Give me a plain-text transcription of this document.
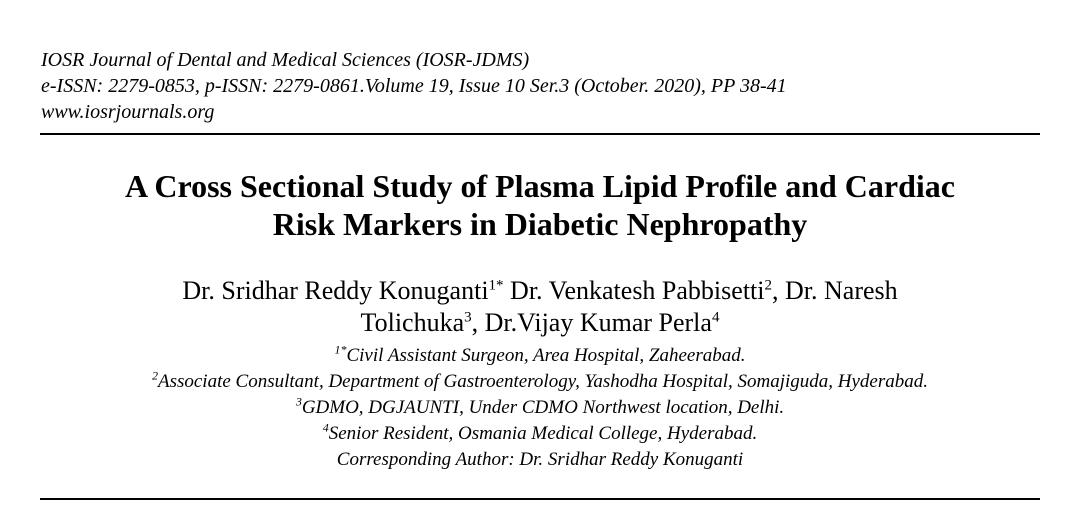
IOSR Journal of Dental and Medical Sciences (IOSR-JDMS)
e-ISSN: 2279-0853, p-ISSN: 2279-0861.Volume 19, Issue 10 Ser.3 (October. 2020), PP 38-41
www.iosrjournals.org
A Cross Sectional Study of Plasma Lipid Profile and Cardiac
Risk Markers in Diabetic Nephropathy
Dr. Sridhar Reddy Konuganti$^{1*}$ Dr. Venkatesh Pabbisetti$^2$, Dr. Naresh
Tolichuka$^3$, Dr.Vijay Kumar Perla$^4$
$^{1*}$Civil Assistant Surgeon, Area Hospital, Zaheerabad.
$^2$Associate Consultant, Department of Gastroenterology, Yashodha Hospital, Somajiguda, Hyderabad.
$^3$GDMO, DGJAUNTI, Under CDMO Northwest location, Delhi.
$^4$Senior Resident, Osmania Medical College, Hyderabad.
Corresponding Author: Dr. Sridhar Reddy Konuganti
